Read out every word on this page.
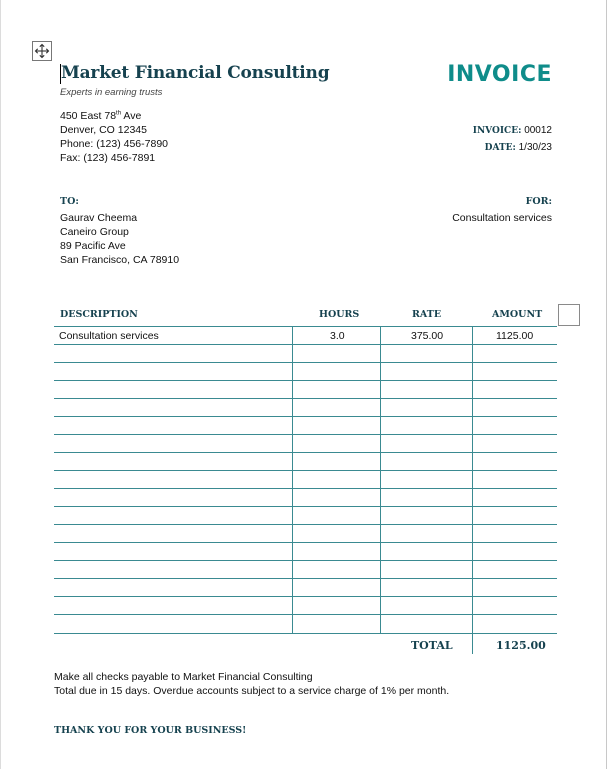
Market Financial Consulting
Experts in earning trusts
450 East 78th Ave
Denver, CO 12345
Phone: (123) 456-7890
Fax: (123) 456-7891
INVOICE
INVOICE: 00012
DATE: 1/30/23
TO:	FOR:
Gaurav Cheema
Caneiro Group
89 Pacific Ave
San Francisco, CA 78910
Consultation services
DESCRIPTION	HOURS	RATE	AMOUNT
Consultation services	3.0	375.00	1125.00
TOTAL	1125.00
Make all checks payable to Market Financial Consulting
Total due in 15 days. Overdue accounts subject to a service charge of 1% per month.
THANK YOU FOR YOUR BUSINESS!
